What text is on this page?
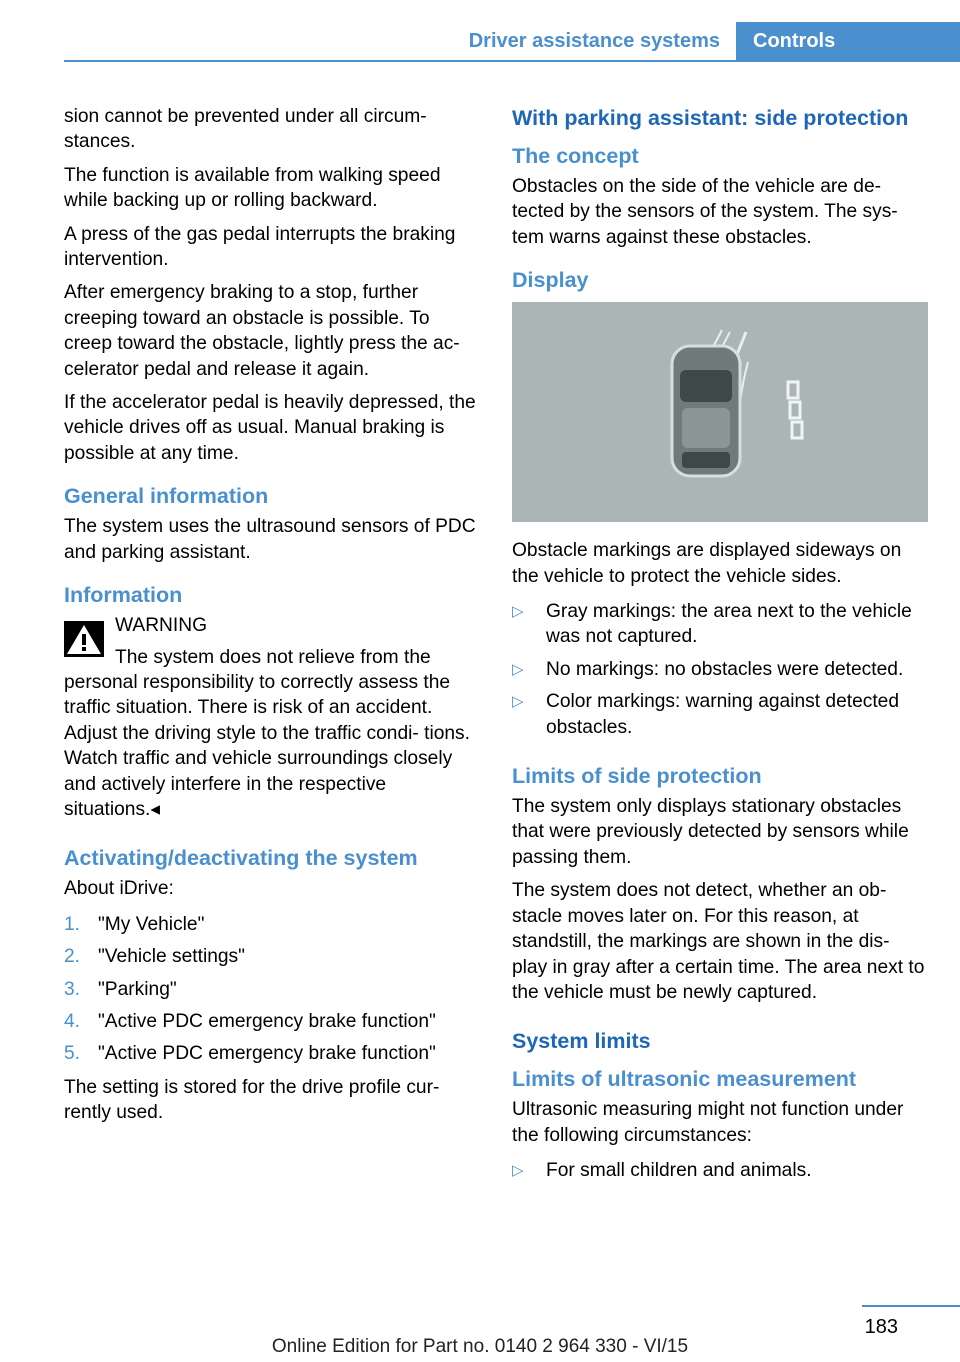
Driver assistance systems	Controls

sion cannot be prevented under all circum‐ stances.

The function is available from walking speed while backing up or rolling backward.

A press of the gas pedal interrupts the braking intervention.

After emergency braking to a stop, further creeping toward an obstacle is possible. To creep toward the obstacle, lightly press the ac‐ celerator pedal and release it again.

If the accelerator pedal is heavily depressed, the vehicle drives off as usual. Manual braking is possible at any time.

General information

The system uses the ultrasound sensors of PDC and parking assistant.

Information

WARNING

The system does not relieve from the

personal responsibility to correctly assess the traffic situation. There is risk of an accident. Adjust the driving style to the traffic condi‐ tions. Watch traffic and vehicle surroundings closely and actively interfere in the respective situations.◂

Activating/deactivating the system

About iDrive:

1. "My Vehicle"
2. "Vehicle settings"
3. "Parking"
4. "Active PDC emergency brake function"
5. "Active PDC emergency brake function"

The setting is stored for the drive profile cur‐ rently used.

With parking assistant: side protection
The concept

Obstacles on the side of the vehicle are de‐ tected by the sensors of the system. The sys‐ tem warns against these obstacles.

Display

Obstacle markings are displayed sideways on the vehicle to protect the vehicle sides.

▷ Gray markings: the area next to the vehicle was not captured.
▷ No markings: no obstacles were detected.
▷ Color markings: warning against detected obstacles.
Limits of side protection

The system only displays stationary obstacles that were previously detected by sensors while passing them.

The system does not detect, whether an ob‐ stacle moves later on. For this reason, at standstill, the markings are shown in the dis‐ play in gray after a certain time. The area next to the vehicle must be newly captured.

System limits
Limits of ultrasonic measurement

Ultrasonic measuring might not function under the following circumstances:

▷ For small children and animals.
183
Online Edition for Part no. 0140 2 964 330 - VI/15
